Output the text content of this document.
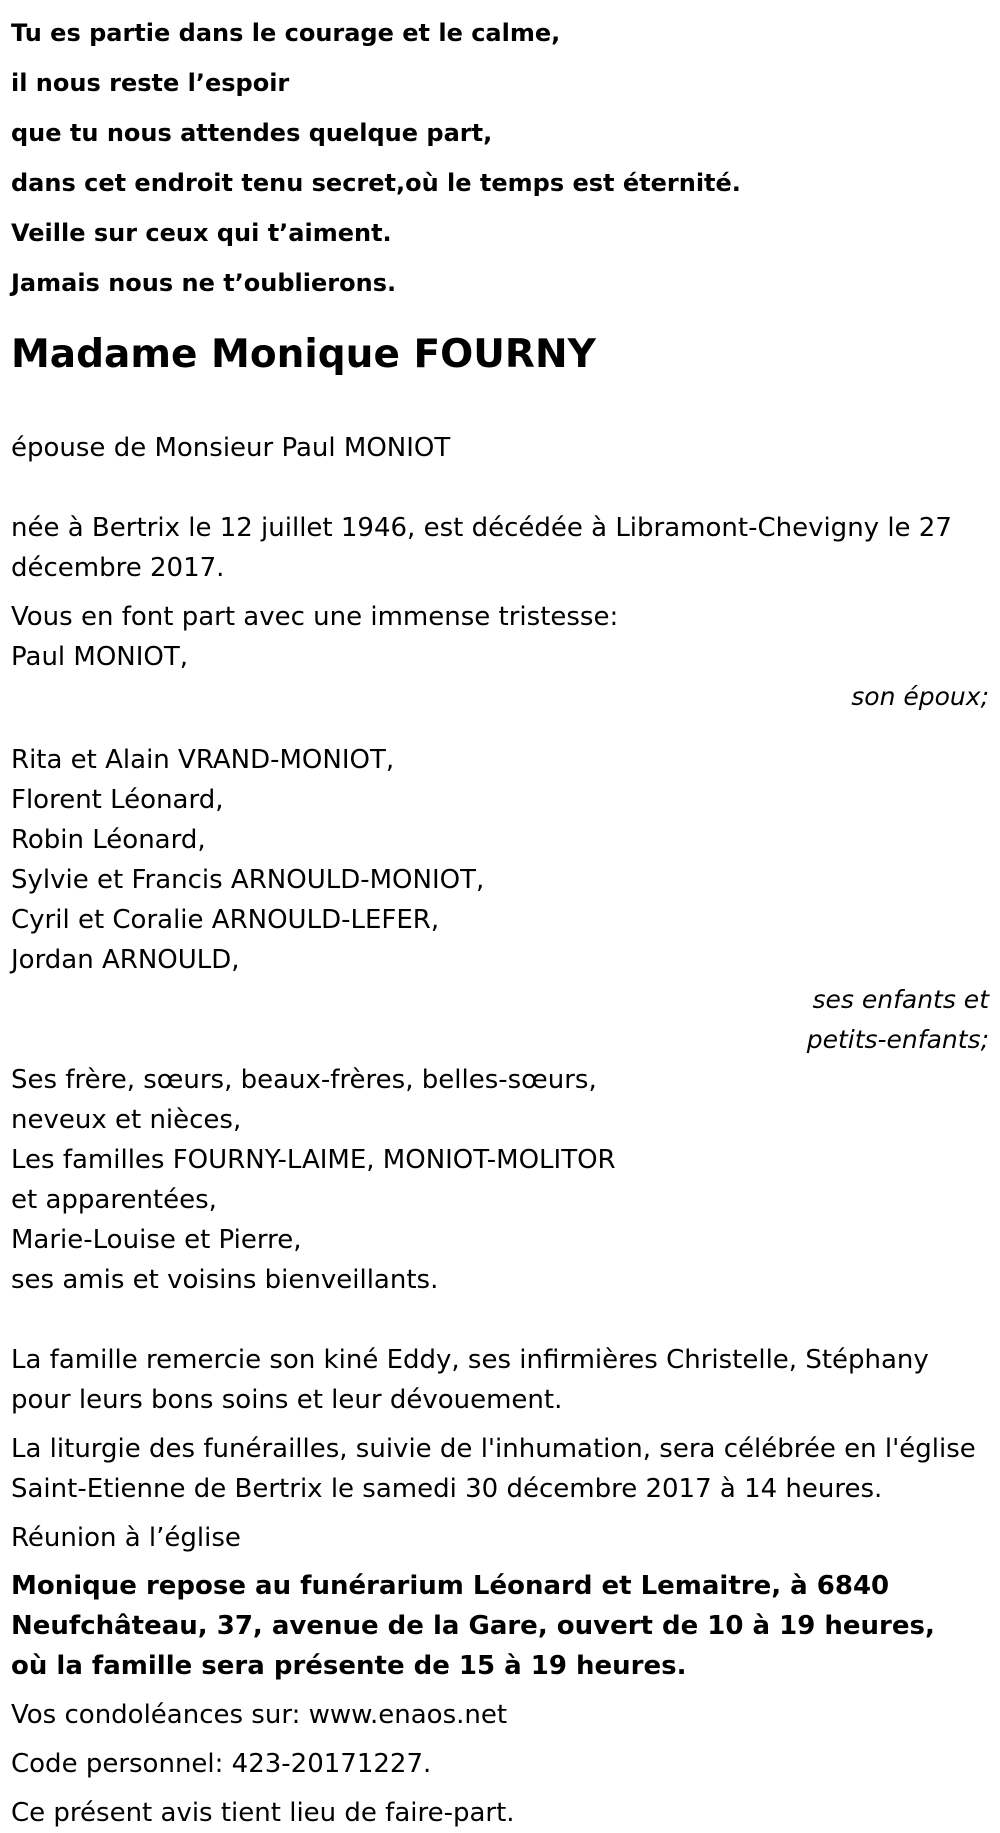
Tu es partie dans le courage et le calme,

il nous reste l’espoir

que tu nous attendes quelque part,

dans cet endroit tenu secret,où le temps est éternité.

Veille sur ceux qui t’aiment.

Jamais nous ne t’oublierons.

Madame Monique FOURNY

épouse de Monsieur Paul MONIOT

née à Bertrix le 12 juillet 1946, est décédée à Libramont-Chevigny le 27 décembre 2017.

Vous en font part avec une immense tristesse:

Paul MONIOT,

son époux;

Rita et Alain VRAND-MONIOT,

Florent Léonard,

Robin Léonard,

Sylvie et Francis ARNOULD-MONIOT,

Cyril et Coralie ARNOULD-LEFER,

Jordan ARNOULD,

ses enfants et

petits-enfants;

Ses frère, sœurs, beaux-frères, belles-sœurs,

neveux et nièces,

Les familles FOURNY-LAIME, MONIOT-MOLITOR

et apparentées,

Marie-Louise et Pierre,

ses amis et voisins bienveillants.

La famille remercie son kiné Eddy, ses infirmières Christelle, Stéphany pour leurs bons soins et leur dévouement.

La liturgie des funérailles, suivie de l'inhumation, sera célébrée en l'église Saint-Etienne de Bertrix le samedi 30 décembre 2017 à 14 heures.

Réunion à l’église

Monique repose au funérarium Léonard et Lemaitre, à 6840 Neufchâteau, 37, avenue de la Gare, ouvert de 10 à 19 heures, où la famille sera présente de 15 à 19 heures.

Vos condoléances sur: www.enaos.net

Code personnel: 423-20171227.

Ce présent avis tient lieu de faire-part.
